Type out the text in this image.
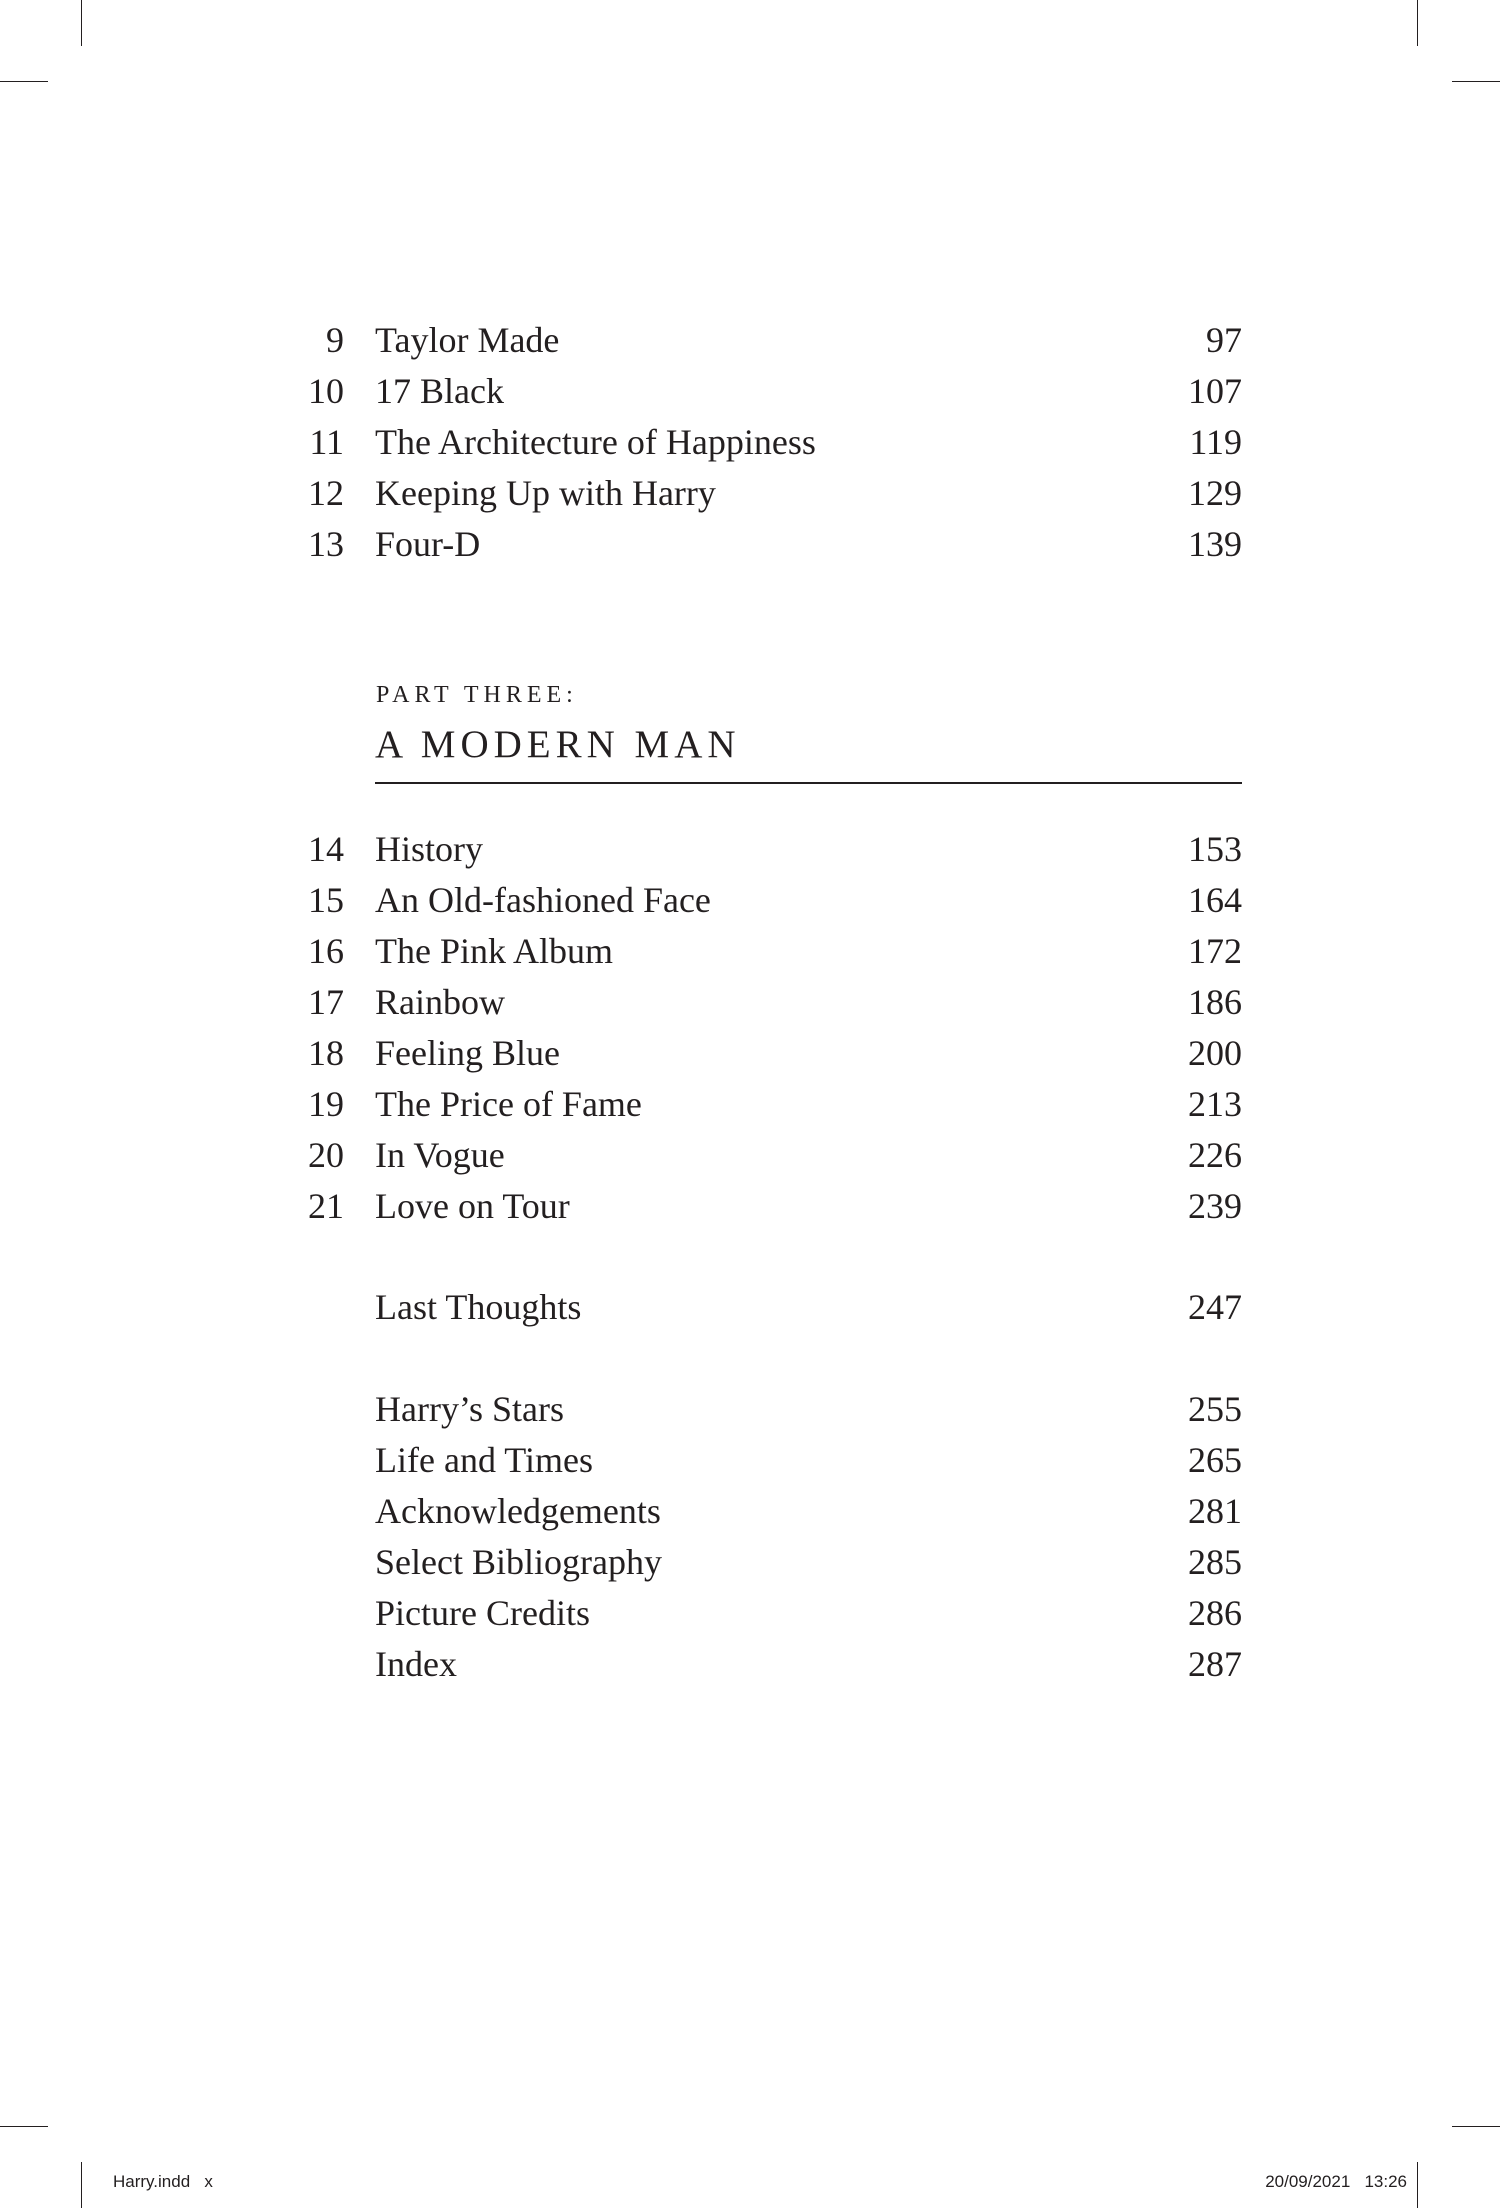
9 Taylor Made	97
10 17 Black	107
11 The Architecture of Happiness	119
12 Keeping Up with Harry	129
13 Four-D	139
PART THREE:
A MODERN MAN
14 History	153
15 An Old-fashioned Face	164
16 The Pink Album	172
17 Rainbow	186
18 Feeling Blue	200
19 The Price of Fame	213
20 In Vogue	226
21 Love on Tour	239
Last Thoughts	247
Harry’s Stars	255
Life and Times	265
Acknowledgements	281
Select Bibliography	285
Picture Credits	286
Index	287
Harry.indd   x	20/09/2021   13:26
